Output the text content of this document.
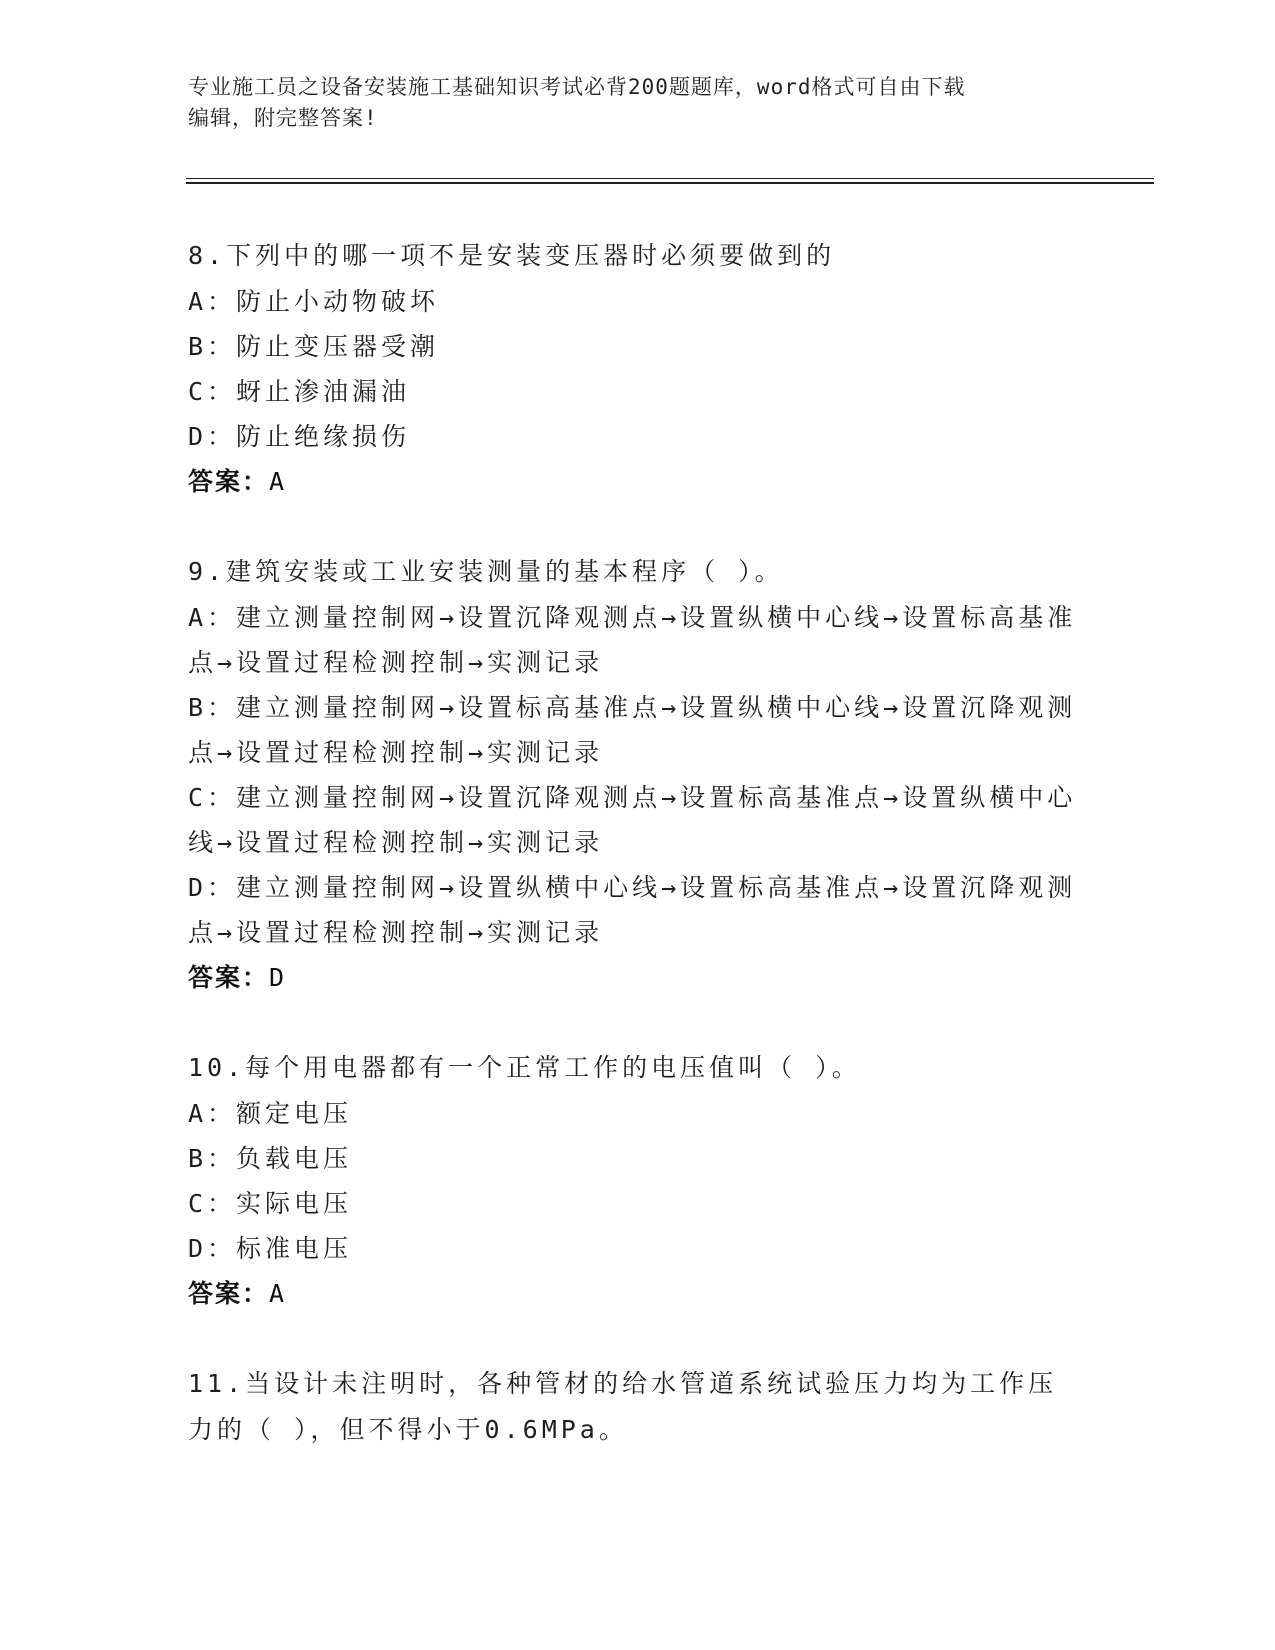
专业施工员之设备安装施工基础知识考试必背200题题库，word格式可自由下载
编辑，附完整答案!

8.下列中的哪一项不是安装变压器时必须要做到的

A：防止小动物破坏

B：防止变压器受潮

C：蚜止渗油漏油

D：防止绝缘损伤

答案：A

9.建筑安装或工业安装测量的基本程序（ ）。

A：建立测量控制网→设置沉降观测点→设置纵横中心线→设置标高基准点→设置过程检测控制→实测记录

B：建立测量控制网→设置标高基准点→设置纵横中心线→设置沉降观测点→设置过程检测控制→实测记录

C：建立测量控制网→设置沉降观测点→设置标高基准点→设置纵横中心线→设置过程检测控制→实测记录

D：建立测量控制网→设置纵横中心线→设置标高基准点→设置沉降观测点→设置过程检测控制→实测记录

答案：D

10.每个用电器都有一个正常工作的电压值叫（ ）。

A：额定电压

B：负载电压

C：实际电压

D：标准电压

答案：A

11.当设计未注明时，各种管材的给水管道系统试验压力均为工作压力的（ ），但不得小于0.6MPa。
